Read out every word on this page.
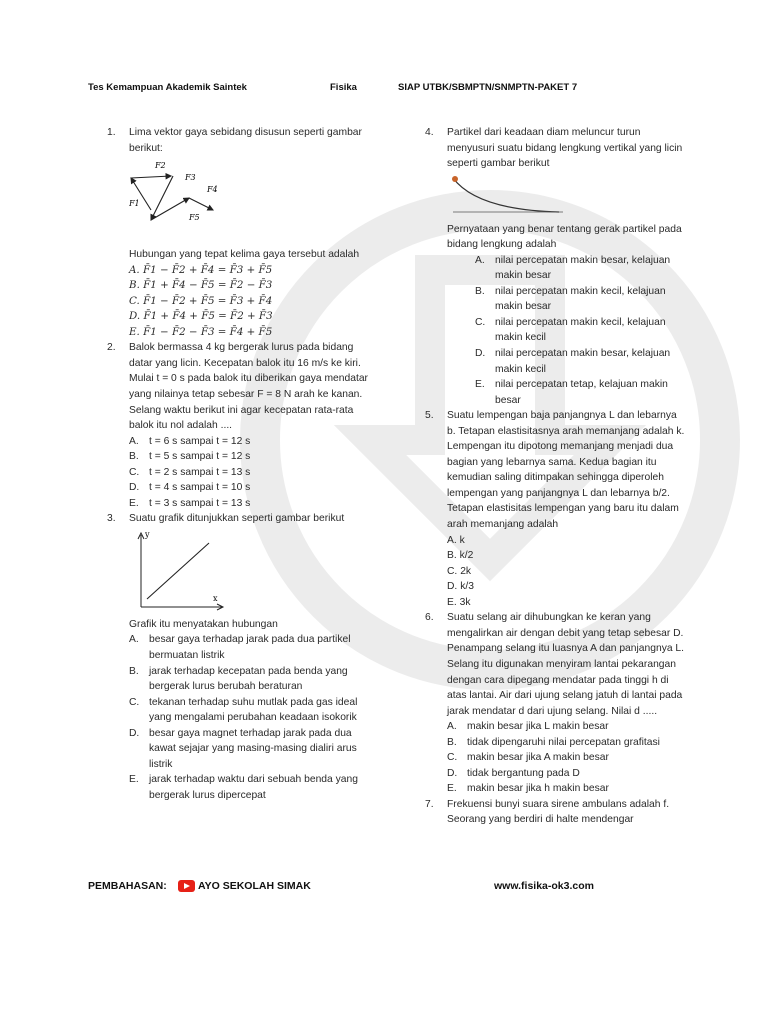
Tes Kemampuan Akademik Saintek	Fisika	SIAP UTBK/SBMPTN/SNMPTN-PAKET 7
1. Lima vektor gaya sebidang disusun seperti gambar berikut:
F2
F3
F4
F1
F5
Hubungan yang tepat kelima gaya tersebut adalah
A. F̄1 − F̄2 + F̄4 = F̄3 + F̄5
B. F̄1 + F̄4 − F̄5 = F̄2 − F̄3
C. F̄1 − F̄2 + F̄5 = F̄3 + F̄4
D. F̄1 + F̄4 + F̄5 = F̄2 + F̄3
E. F̄1 − F̄2 − F̄3 = F̄4 + F̄5
2. Balok bermassa 4 kg bergerak lurus pada bidang datar yang licin. Kecepatan balok itu 16 m/s ke kiri. Mulai t = 0 s pada balok itu diberikan gaya mendatar yang nilainya tetap sebesar F = 8 N arah ke kanan. Selang waktu berikut ini agar kecepatan rata-rata balok itu nol adalah ....
A. t = 6 s sampai t = 12 s
B. t = 5 s sampai t = 12 s
C. t = 2 s sampai t = 13 s
D. t = 4 s sampai t = 10 s
E. t = 3 s sampai t = 13 s
3. Suatu grafik ditunjukkan seperti gambar berikut
y
x
Grafik itu menyatakan hubungan
A. besar gaya terhadap jarak pada dua partikel bermuatan listrik
B. jarak terhadap kecepatan pada benda yang bergerak lurus berubah beraturan
C. tekanan terhadap suhu mutlak pada gas ideal yang mengalami perubahan keadaan isokorik
D. besar gaya magnet terhadap jarak pada dua kawat sejajar yang masing-masing dialiri arus listrik
E. jarak terhadap waktu dari sebuah benda yang bergerak lurus dipercepat
4. Partikel dari keadaan diam meluncur turun menyusuri suatu bidang lengkung vertikal yang licin seperti gambar berikut
Pernyataan yang benar tentang gerak partikel pada bidang lengkung adalah
A. nilai percepatan makin besar, kelajuan makin besar
B. nilai percepatan makin kecil, kelajuan makin besar
C. nilai percepatan makin kecil, kelajuan makin kecil
D. nilai percepatan makin besar, kelajuan makin kecil
E. nilai percepatan tetap, kelajuan makin besar
5. Suatu lempengan baja panjangnya L dan lebarnya b. Tetapan elastisitasnya arah memanjang adalah k. Lempengan itu dipotong memanjang menjadi dua bagian yang lebarnya sama. Kedua bagian itu kemudian saling ditimpakan sehingga diperoleh lempengan yang panjangnya L dan lebarnya b/2. Tetapan elastisitas lempengan yang baru itu dalam arah memanjang adalah
A. k
B. k/2
C. 2k
D. k/3
E. 3k
6. Suatu selang air dihubungkan ke keran yang mengalirkan air dengan debit yang tetap sebesar D. Penampang selang itu luasnya A dan panjangnya L. Selang itu digunakan menyiram lantai pekarangan dengan cara dipegang mendatar pada tinggi h di atas lantai. Air dari ujung selang jatuh di lantai pada jarak mendatar d dari ujung selang. Nilai d .....
A. makin besar jika L makin besar
B. tidak dipengaruhi nilai percepatan grafitasi
C. makin besar jika A makin besar
D. tidak bergantung pada D
E. makin besar jika h makin besar
7. Frekuensi bunyi suara sirene ambulans adalah f. Seorang yang berdiri di halte mendengar
PEMBAHASAN:	AYO SEKOLAH SIMAK	www.fisika-ok3.com
